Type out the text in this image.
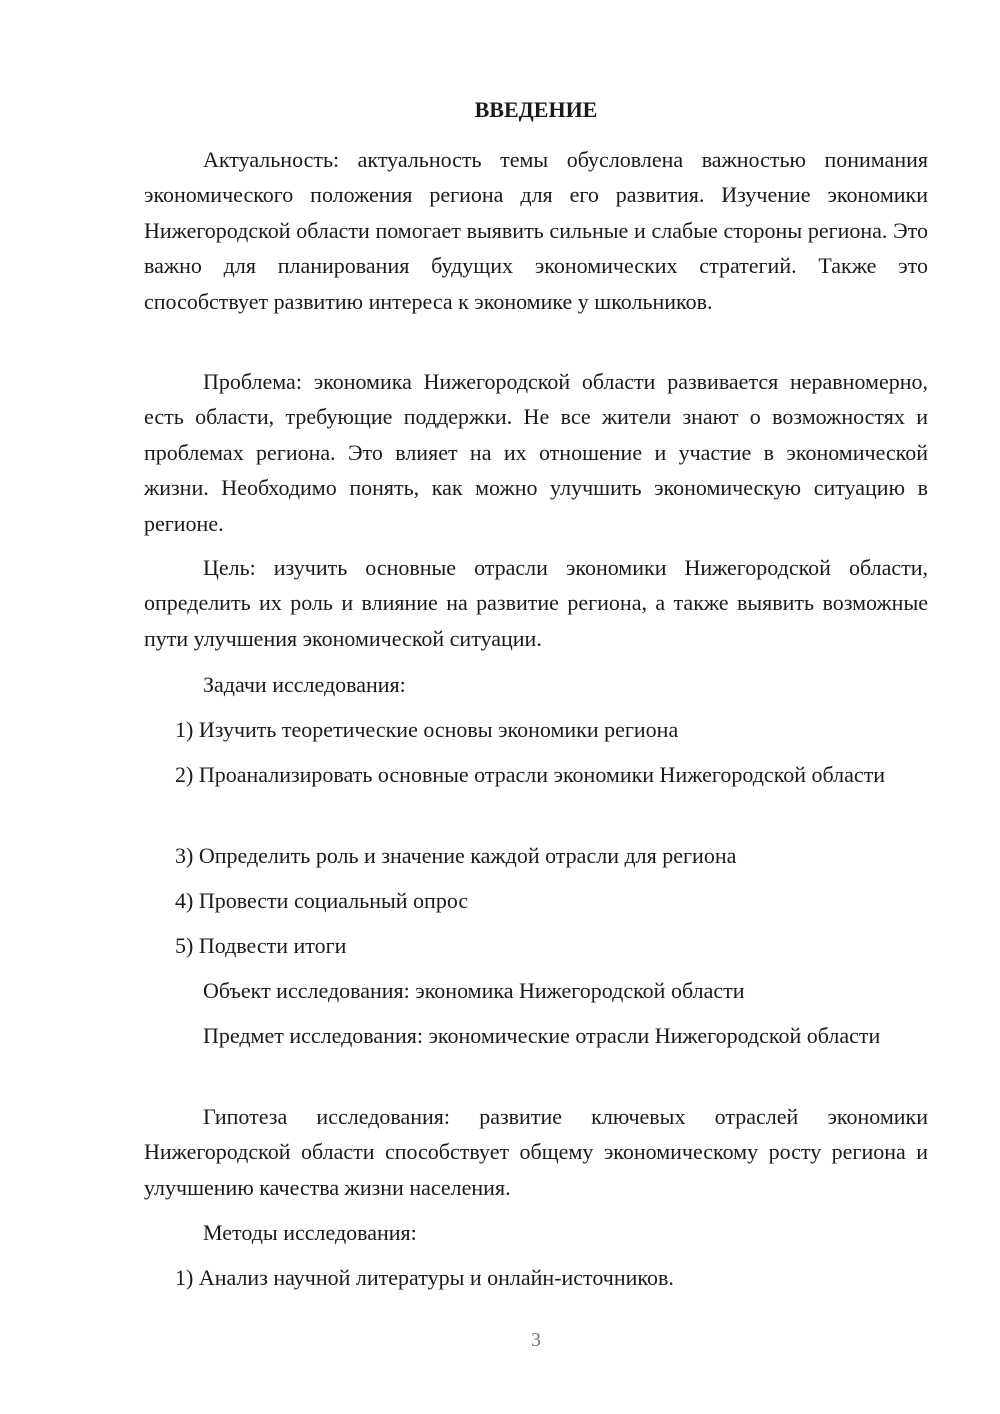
ВВЕДЕНИЕ

Актуальность: актуальность темы обусловлена важностью понимания экономического положения региона для его развития. Изучение экономики Нижегородской области помогает выявить сильные и слабые стороны региона. Это важно для планирования будущих экономических стратегий. Также это способствует развитию интереса к экономике у школьников.

Проблема: экономика Нижегородской области развивается неравномерно, есть области, требующие поддержки. Не все жители знают о возможностях и проблемах региона. Это влияет на их отношение и участие в экономической жизни. Необходимо понять, как можно улучшить экономическую ситуацию в регионе.

Цель: изучить основные отрасли экономики Нижегородской области, определить их роль и влияние на развитие региона, а также выявить возможные пути улучшения экономической ситуации.

Задачи исследования:

1) Изучить теоретические основы экономики региона

2) Проанализировать основные отрасли экономики Нижегородской области

3) Определить роль и значение каждой отрасли для региона

4) Провести социальный опрос

5) Подвести итоги

Объект исследования: экономика Нижегородской области

Предмет исследования: экономические отрасли Нижегородской области

Гипотеза исследования: развитие ключевых отраслей экономики Нижегородской области способствует общему экономическому росту региона и улучшению качества жизни населения.

Методы исследования:

1) Анализ научной литературы и онлайн-источников.

3
